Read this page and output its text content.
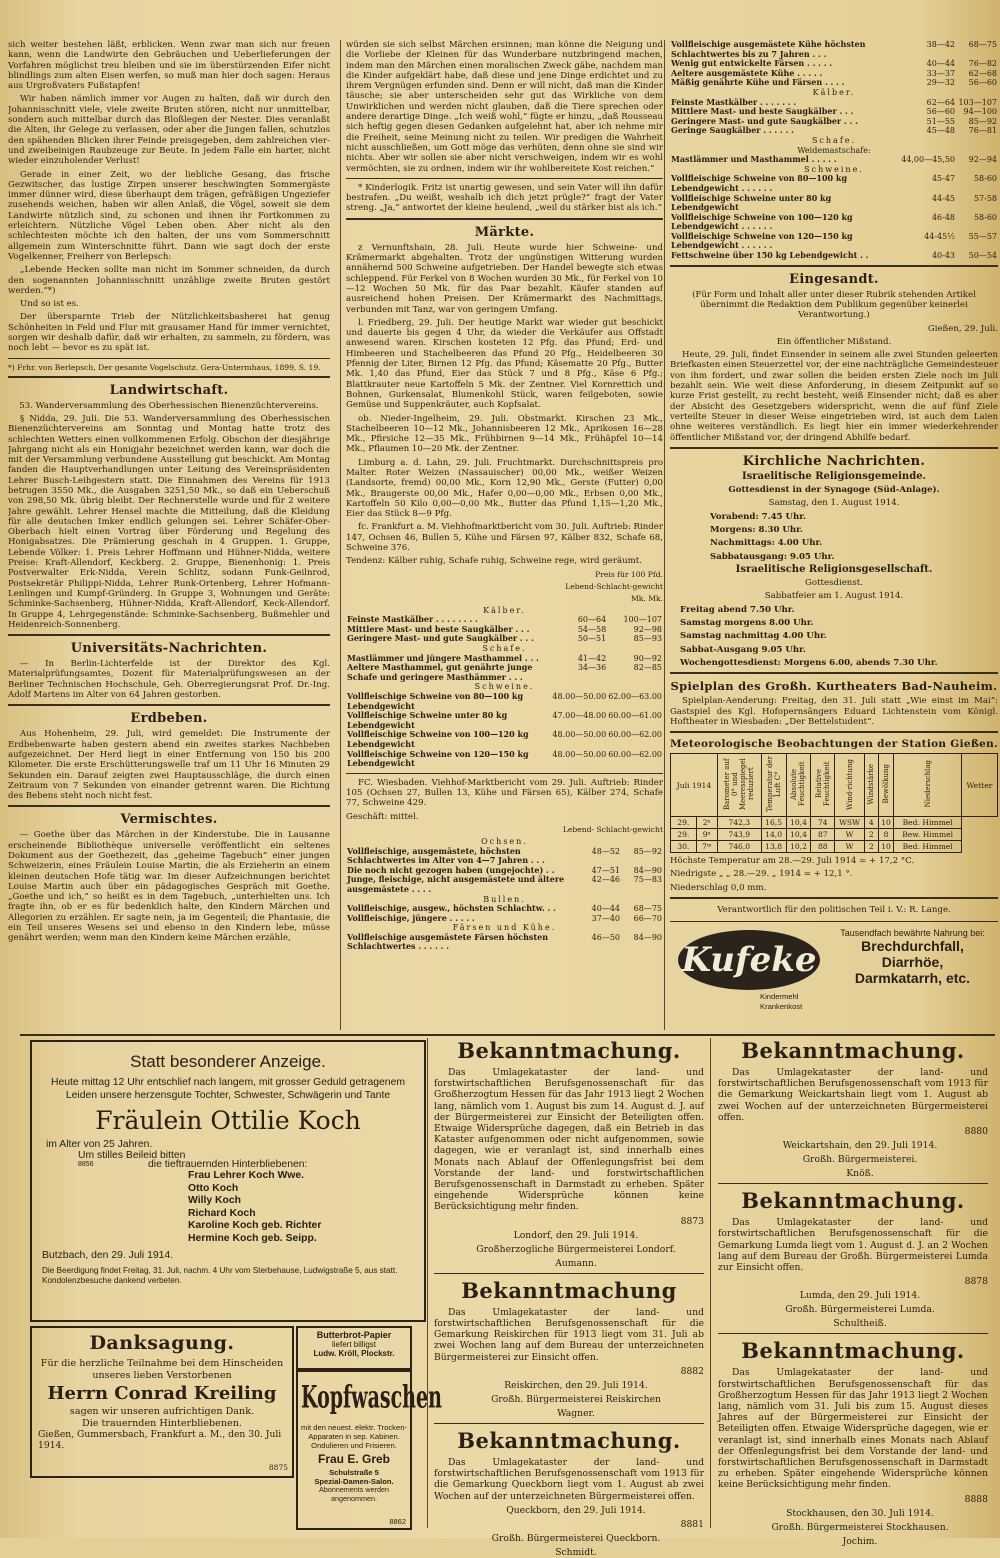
sich weiter bestehen läßt, erblicken. Wenn zwar man sich nur freuen kann, wenn die Landwirte den Gebräuchen und Ueberlieferungen der Vorfahren möglichst treu bleiben und sie im überstürzenden Eifer nicht blindlings zum alten Eisen werfen, so muß man hier doch sagen: Heraus aus Urgroßvaters Fußstapfen!

Wir haben nämlich immer vor Augen zu halten, daß wir durch den Johannisschnitt viele, viele zweite Bruten stören, nicht nur unmittelbar, sondern auch mittelbar durch das Bloßlegen der Nester. Dies veranlaßt die Alten, ihr Gelege zu verlassen, oder aber die Jungen fallen, schutzlos den spähenden Blicken ihrer Feinde preisgegeben, dem zahlreichen vier- und zweibeinigen Raubzeuge zur Beute. In jedem Falle ein harter, nicht wieder einzuholender Verlust!

Gerade in einer Zeit, wo der liebliche Gesang, das frische Gezwitscher, das lustige Zirpen unserer beschwingten Sommergäste immer dünner wird, diese überhaupt dem trägen, gefräßigen Ungeziefer zusehends weichen, haben wir allen Anlaß, die Vögel, soweit sie dem Landwirte nützlich sind, zu schonen und ihnen ihr Fortkommen zu erleichtern. Nützliche Vögel Leben oben. Aber nicht als den schlechtesten möchte ich den halten, der uns vom Sommerschnitt allgemein zum Winterschnitte führt. Dann wie sagt doch der erste Vogelkenner, Freiherr von Berlepsch:

„Lebende Hecken sollte man nicht im Sommer schneiden, da durch den sogenannten Johannisschnitt unzählige zweite Bruten gestört werden.“*)

Und so ist es.

Der übersparnte Trieb der Nützlichkeitsbasherei hat genug Schönheiten in Feld und Flur mit grausamer Hand für immer vernichtet, sorgen wir deshalb dafür, daß wir erhalten, zu sammeln, zu fördern, was noch lebt — bevor es zu spät ist.

*) Frhr. von Berlepsch, Der gesamte Vogelschutz. Gera-Untermhaus, 1899, S. 19.

Landwirtschaft.

53. Wanderversammlung des Oberhessischen Bienenzüchtervereins.

§ Nidda, 29. Juli. Die 53. Wanderversammlung des Oberhessischen Bienenzüchtervereins am Sonntag und Montag hatte trotz des schlechten Wetters einen vollkommenen Erfolg. Obschon der diesjährige Jahrgang nicht als ein Honigjahr bezeichnet werden kann, war doch die mit der Versammlung verbundene Ausstellung gut beschickt. Am Montag fanden die Hauptverhandlungen unter Leitung des Vereinspräsidenten Lehrer Busch-Leihgestern statt. Die Einnahmen des Vereins für 1913 betrugen 3550 Mk., die Ausgaben 3251,50 Mk., so daß ein Ueberschuß von 298,50 Mk. übrig bleibt. Der Rechnerstelle wurde und für 2 weitere Jahre gewählt. Lehrer Hensel machte die Mitteilung, daß die Kleidung für alle deutschen Imker endlich gelungen sei. Lehrer Schäfer-Ober-Oberbach hielt einen Vortrag über Förderung und Regelung des Honigabsatzes. Die Prämierung geschah in 4 Gruppen. 1. Gruppe, Lebende Völker: 1. Preis Lehrer Hoffmann und Hühner-Nidda, weitere Preise: Kraft-Allendorf, Keckberg. 2. Gruppe, Bienenhonig: 1. Preis Postverwalter Erk-Nidda, Verein Schlitz, sodann Funk-Geilnrod, Postsekretär Philippi-Nidda, Lehrer Runk-Ortenberg, Lehrer Hofmann-Lenlingen und Kumpf-Gründerg. In Gruppe 3, Wohnungen und Geräte: Schminke-Sachsenberg, Hühner-Nidda, Kraft-Allendorf, Keck-Allendorf. In Gruppe 4, Lehrgegenstände: Schminke-Sachsenberg, Bußmehler und Heidenreich-Sonnenberg.

Universitäts-Nachrichten.

— In Berlin-Lichterfelde ist der Direktor des Kgl. Materialprüfungsamtes, Dozent für Materialprüfungswesen an der Berliner Technischen Hochschule, Geh. Oberregierungsrat Prof. Dr.-Ing. Adolf Martens im Alter von 64 Jahren gestorben.

Erdbeben.

Aus Hohenheim, 29. Juli, wird gemeldet: Die Instrumente der Erdbebenwarte haben gestern abend ein zweites starkes Nachbeben aufgezeichnet. Der Herd liegt in einer Entfernung von 150 bis 200 Kilometer. Die erste Erschütterungswelle traf um 11 Uhr 16 Minuten 29 Sekunden ein. Darauf zeigten zwei Hauptausschläge, die durch einen Zeitraum von 7 Sekunden von einander getrennt waren. Die Richtung des Bebens steht noch nicht fest.

Vermischtes.

— Goethe über das Märchen in der Kinderstube. Die in Lausanne erscheinende Bibliothèque universelle veröffentlicht ein seltenes Dokument aus der Goethezeit, das „geheime Tagebuch“ einer jungen Schweizerin, eines Fräulein Louise Martin, die als Erzieherin an einem kleinen deutschen Hofe tätig war. Im dieser Aufzeichnungen berichtet Louise Martin auch über ein pädagogisches Gespräch mit Goethe. „Goethe und ich,“ so heißt es in dem Tagebuch, „unterhielten uns. Ich fragte ihn, ob er es für bedenklich halte, den Kindern Märchen und Allegorien zu erzählen. Er sagte nein, ja im Gegenteil; die Phantasie, die ein Teil unseres Wesens sei und ebenso in den Kindern lebe, müsse genährt werden; wenn man den Kindern keine Märchen erzähle,

würden sie sich selbst Märchen ersinnen; man könne die Neigung und die Vorliebe der Kleinen für das Wunderbare nutzbringend machen, indem man den Märchen einen moralischen Zweck gäbe, nachdem man die Kinder aufgeklärt habe, daß diese und jene Dinge erdichtet und zu ihrem Vergnügen erfunden sind. Denn er will nicht, daß man die Kinder täusche; sie aber unterscheiden sehr gut das Wirkliche von dem Unwirklichen und werden nicht glauben, daß die Tiere sprechen oder andere derartige Dinge. „Ich weiß wohl,“ fügte er hinzu, „daß Rousseau sich heftig gegen diesen Gedanken aufgelehnt hat, aber ich nehme mir die Freiheit, seine Meinung nicht zu teilen. Wir predigen die Wahrheit nicht ausschließen, um Gott möge das verhüten, denn ohne sie sind wir nichts. Aber wir sollen sie aber nicht verschweigen, indem wir es wohl vermöchten, sie zu ordnen, indem wir ihr wohlbereitete Kost reichen.“

* Kinderlogik. Fritz ist unartig gewesen, und sein Vater will ihn dafür bestrafen. „Du weißt, weshalb ich dich jetzt prügle?“ fragt der Vater streng. „Ja,“ antwortet der kleine heulend, „weil du stärker bist als ich.“

Märkte.

z Vernunftshain, 28. Juli. Heute wurde hier Schweine- und Krämermarkt abgehalten. Trotz der ungünstigen Witterung wurden annähernd 500 Schweine aufgetrieben. Der Handel bewegte sich etwas schleppend. Für Ferkel von 8 Wochen wurden 30 Mk., für Ferkel von 10—12 Wochen 50 Mk. für das Paar bezahlt. Käufer standen auf ausreichend hohen Preisen. Der Krämermarkt des Nachmittags, verbunden mit Tanz, war von geringem Umfang.

l. Friedberg, 29. Juli. Der heutige Markt war wieder gut beschickt und dauerte bis gegen 4 Uhr, da wieder die Verkäufer aus Offstadt anwesend waren. Kirschen kosteten 12 Pfg. das Pfund; Erd- und Himbeeren und Stachelbeeren das Pfund 20 Pfg., Heidelbeeren 30 Pfennig der Liter, Birnen 12 Pfg. das Pfund; Käsematte 20 Pfg., Butter Mk. 1,40 das Pfund, Eier das Stück 7 und 8 Pfg., Käse 6 Pfg.; Blattkrauter neue Kartoffeln 5 Mk. der Zentner. Viel Kornrettich und Bohnen, Gurkensalat, Blumenkohl Stück, waren feilgeboten, sowie Gemüse und Suppenkräuter, auch Kopfsalat.

ob. Nieder-Ingelheim, 29. Juli. Obstmarkt. Kirschen 23 Mk., Stachelbeeren 10—12 Mk., Johannisbeeren 12 Mk., Aprikosen 16—28 Mk., Pfirsiche 12—35 Mk., Frühbirnen 9—14 Mk., Frühäpfel 10—14 Mk., Pflaumen 10—20 Mk. der Zentner.

Limburg a. d. Lahn, 29. Juli. Fruchtmarkt. Durchschnittspreis pro Malter. Roter Weizen (Nassauischer) 00,00 Mk., weißer Weizen (Landsorte, fremd) 00,00 Mk., Korn 12,90 Mk., Gerste (Futter) 0,00 Mk., Braugerste 00,00 Mk., Hafer 0,00—0,00 Mk., Erbsen 0,00 Mk., Kartoffeln 50 Kilo 0,00—0,00 Mk., Butter das Pfund 1,15—1,20 Mk., Eier das Stück 8—9 Pfg.

fc. Frankfurt a. M. Viehhofmarktbericht vom 30. Juli. Auftrieb: Rinder 147, Ochsen 46, Bullen 5, Kühe und Färsen 97, Kälber 832, Schafe 68, Schweine 376.

Tendenz: Kälber ruhig, Schafe ruhig, Schweine rege, wird geräumt.

Preis für 100 Pfd.

Lebend-Schlacht-gewicht

Mk. Mk.

Kälber.		
Feinste Mastkälber . . . . . . . .	60—64	100—107
Mittlere Mast- und beste Saugkälber . . .	54—58	92—98
Geringere Mast- und gute Saugkälber . . .	50—51	85—93
Schafe.		
Mastlämmer und jüngere Masthammel . . .	41—42	90—92
Aeltere Masthammel, gut genährte junge Schafe und geringere Masthämmer . . .	34—36	82—85
Schweine.		
Vollfleischige Schweine von 80—100 kg Lebendgewicht	48.00—50.00	62.00—63.00
Vollfleischige Schweine unter 80 kg Lebendgewicht	47.00—48.00	60.00—61.00
Vollfleischige Schweine von 100—120 kg Lebendgewicht	48.00—50.00	60.00—62.00
Vollfleischige Schweine von 120—150 kg Lebendgewicht	48.00—50.00	60.00—62.00

FC. Wiesbaden. Viehhof-Marktbericht vom 29. Juli. Auftrieb: Rinder 105 (Ochsen 27, Bullen 13, Kühe und Färsen 65), Kälber 274, Schafe 77, Schweine 429.

Geschäft: mittel.

Lebend- Schlacht-gewicht

Ochsen.		
Vollfleischige, ausgemästete, höchsten Schlachtwertes im Alter von 4—7 Jahren . . .	48—52	85—92
Die noch nicht gezogen haben (ungejochte) . .	47—51	84—90
Junge, fleischige, nicht ausgemästete und ältere ausgemästete . . . .	42—46	75—83
Bullen.		
Vollfleischige, ausgew., höchsten Schlachtw. . .	40—44	68—75
Vollfleischige, jüngere . . . . .	37—40	66—70
Färsen und Kühe.		
Vollfleischige ausgemästete Färsen höchsten Schlachtwertes . . . . . .	46—50	84—90
Vollfleischige ausgemästete Kühe höchsten Schlachtwertes bis zu 7 Jahren . . .	38—42	68—75
Wenig gut entwickelte Färsen . . . . .	40—44	76—82
Aeltere ausgemästete Kühe . . . . .	33—37	62—68
Mäßig genährte Kühe und Färsen . . . .	29—32	56—60
Kälber.		
Feinste Mastkälber . . . . . . .	62—64	103—107
Mittlere Mast- und beste Saugkälber . . .	56—60	94—100
Geringere Mast- und gute Saugkälber . . .	51—55	85—92
Geringe Saugkälber . . . . . .	45—48	76—81
Schafe.		
Weidemastschafe:		
Mastlämmer und Masthammel . . . . .	44,00—45,50	92—94
Schweine.		
Vollfleischige Schweine von 80—100 kg Lebendgewicht . . . . . .	45-47	58-60
Vollfleischige Schweine unter 80 kg Lebendgewicht	44-45	57-58
Vollfleischige Schweine von 100—120 kg Lebendgewicht . . . . . .	46-48	58-60
Vollfleischige Schweine von 120—150 kg Lebendgewicht . . . . . .	44-45½	55—57
Fettschweine über 150 kg Lebendgewicht . .	40-43	50—54
Eingesandt.

(Für Form und Inhalt aller unter dieser Rubrik stehenden Artikel übernimmt die Redaktion dem Publikum gegenüber keinerlei Verantwortung.)

Gießen, 29. Juli.

Ein öffentlicher Mißstand.

Heute, 29. Juli, findet Einsender in seinem alle zwei Stunden geleerten Briefkasten einen Steuerzettel vor, der eine nachträgliche Gemeindesteuer von ihm fordert, und zwar sollen die beiden ersten Ziele noch im Juli bezahlt sein. Wie weit diese Anforderung, in diesem Zeitpunkt auf so kurze Frist gestellt, zu recht besteht, weiß Einsender nicht; daß es aber der Absicht des Gesetzgebers widerspricht, wenn die auf fünf Ziele verteilte Steuer in dieser Weise eingetrieben wird, ist auch dem Laien ohne weiteres verständlich. Es liegt hier ein immer wiederkehrender öffentlicher Mißstand vor, der dringend Abhilfe bedarf.

Kirchliche Nachrichten.

Israelitische Religionsgemeinde.

Gottesdienst in der Synagoge (Süd-Anlage).

Samstag, den 1. August 1914.

Vorabend: 7.45 Uhr.

Morgens: 8.30 Uhr.

Nachmittags: 4.00 Uhr.

Sabbatausgang: 9.05 Uhr.

Israelitische Religionsgesellschaft.

Gottesdienst.

Sabbatfeier am 1. August 1914.

Freitag abend 7.50 Uhr.

Samstag morgens 8.00 Uhr.

Samstag nachmittag 4.00 Uhr.

Sabbat-Ausgang 9.05 Uhr.

Wochengottesdienst: Morgens 6.00, abends 7.30 Uhr.

Spielplan des Großh. Kurtheaters Bad-Nauheim.

Spielplan-Aenderung: Freitag, den 31. Juli statt „Wie einst im Mai“: Gastspiel des Kgl. Hofopernsängers Eduard Lichtenstein vom Königl. Hoftheater in Wiesbaden: „Der Bettelstudent“.

Meteorologische Beobachtungen der Station Gießen.
Juli 1914		Barometer auf 0° und Meeresspiegel reduziert	Temperatur der Luft C°	Absolute Feuchtigkeit	Relative Feuchtigkeit	Wind-richtung	Windstärke	Bewölkung	Niederschlag	Wetter
29.	2ⁿ	742,3	16,5	10,4	74	WSW	4	10	Bed. Himmel	
29.	9ⁿ	743,9	14,0	10,4	87	W	2	8	Bew. Himmel	
30.	7ᵐ	746,0	13,8	10,2	88	W	2	10	Bed. Himmel	

Höchste Temperatur am 28.—29. Juli 1914 = + 17,2 °C.

Niedrigste „ „ 28.—29. „ 1914 = + 12,1 °.

Niederschlag 0,0 mm.

Verantwortlich für den politischen Teil i. V.: R. Lange.

Kufeke
Kindermehl
Krankenkost
Tausendfach bewährte Nahrung bei:
Brechdurchfall,
Diarrhöe,
Darmkatarrh, etc.
Statt besonderer Anzeige.
Heute mittag 12 Uhr entschlief nach langem, mit grosser Geduld getragenem Leiden unsere herzensgute Tochter, Schwester, Schwägerin und Tante
Fräulein Ottilie Koch
im Alter von 25 Jahren.
Um stilles Beileid bitten
8856	die tieftrauernden Hinterbliebenen:
Frau Lehrer Koch Wwe.
Otto Koch
Willy Koch
Richard Koch
Karoline Koch geb. Richter
Hermine Koch geb. Seipp.
Butzbach, den 29. Juli 1914.
Die Beerdigung findet Freitag, 31. Juli, nachm. 4 Uhr vom Sterbehause, Ludwigstraße 5, aus statt. Kondolenzbesuche dankend verbeten.
Danksagung.
Für die herzliche Teilnahme bei dem Hinscheiden unseres lieben Verstorbenen
Herrn Conrad Kreiling
sagen wir unseren aufrichtigen Dank.
Die trauernden Hinterbliebenen.
Gießen, Gummersbach, Frankfurt a. M., den 30. Juli 1914.
8875
Butterbrot-Papier
liefert billigst
Ludw. Kröll, Plockstr.
Kopfwaschen
mit den neuest. elektr. Trocken-Apparaten in sep. Kabinen. Ondulieren und Frisieren.
Frau E. Greb
Schulstraße 5
Spezial-Damen-Salon.
Abonnements werden angenommen.
8862
Bekanntmachung.

Das Umlagekataster der land- und forstwirtschaftlichen Berufsgenossenschaft für das Großherzogtum Hessen für das Jahr 1913 liegt 2 Wochen lang, nämlich vom 1. August bis zum 14. August d. J. auf der Bürgermeisterei zur Einsicht der Beteiligten offen. Etwaige Widersprüche dagegen, daß ein Betrieb in das Kataster aufgenommen oder nicht aufgenommen, sowie dagegen, wie er veranlagt ist, sind innerhalb eines Monats nach Ablauf der Offenlegungsfrist bei dem Vorstande der land- und forstwirtschaftlichen Berufsgenossenschaft in Darmstadt zu erheben. Später eingehende Widersprüche können keine Berücksichtigung mehr finden.

8873

Londorf, den 29. Juli 1914.

Großherzogliche Bürgermeisterei Londorf.

Aumann.

Bekanntmachung

Das Umlagekataster der land- und forstwirtschaftlichen Berufsgenossenschaft für die Gemarkung Reiskirchen für 1913 liegt vom 31. Juli ab zwei Wochen lang auf dem Bureau der unterzeichneten Bürgermeisterei zur Einsicht offen.

8882

Reiskirchen, den 29. Juli 1914.

Großh. Bürgermeisterei Reiskirchen

Wagner.

Bekanntmachung.

Das Umlagekataster der land- und forstwirtschaftlichen Berufsgenossenschaft vom 1913 für die Gemarkung Queckborn liegt vom 1. August ab zwei Wochen auf der unterzeichneten Bürgermeisterei offen.

Queckborn, den 29. Juli 1914.

8881

Großh. Bürgermeisterei Queckborn.

Schmidt.

Bekanntmachung.

Das Umlagekataster der land- und forstwirtschaftlichen Berufsgenossenschaft vom 1913 für die Gemarkung Weickartshain liegt vom 1. August ab zwei Wochen auf der unterzeichneten Bürgermeisterei offen.

8880

Weickartshain, den 29. Juli 1914.

Großh. Bürgermeisterei.

Knöß.

Bekanntmachung.

Das Umlagekataster der land- und forstwirtschaftlichen Berufsgenossenschaft für die Gemarkung Lumda liegt vom 1. August d. J. an 2 Wochen lang auf dem Bureau der Großh. Bürgermeisterei Lumda zur Einsicht offen.

8878

Lumda, den 29. Juli 1914.

Großh. Bürgermeisterei Lumda.

Schultheiß.

Bekanntmachung.

Das Umlagekataster der land- und forstwirtschaftlichen Berufsgenossenschaft für das Großherzogtum Hessen für das Jahr 1913 liegt 2 Wochen lang, nämlich vom 31. Juli bis zum 15. August dieses Jahres auf der Bürgermeisterei zur Einsicht der Beteiligten offen. Etwaige Widersprüche dagegen, wie er veranlagt ist, sind innerhalb eines Monats nach Ablauf der Offenlegungsfrist bei dem Vorstande der land- und forstwirtschaftlichen Berufsgenossenschaft in Darmstadt zu erheben. Später eingehende Widersprüche können keine Berücksichtigung mehr finden.

8888

Stockhausen, den 30. Juli 1914.

Großh. Bürgermeisterei Stockhausen.

Jochim.
